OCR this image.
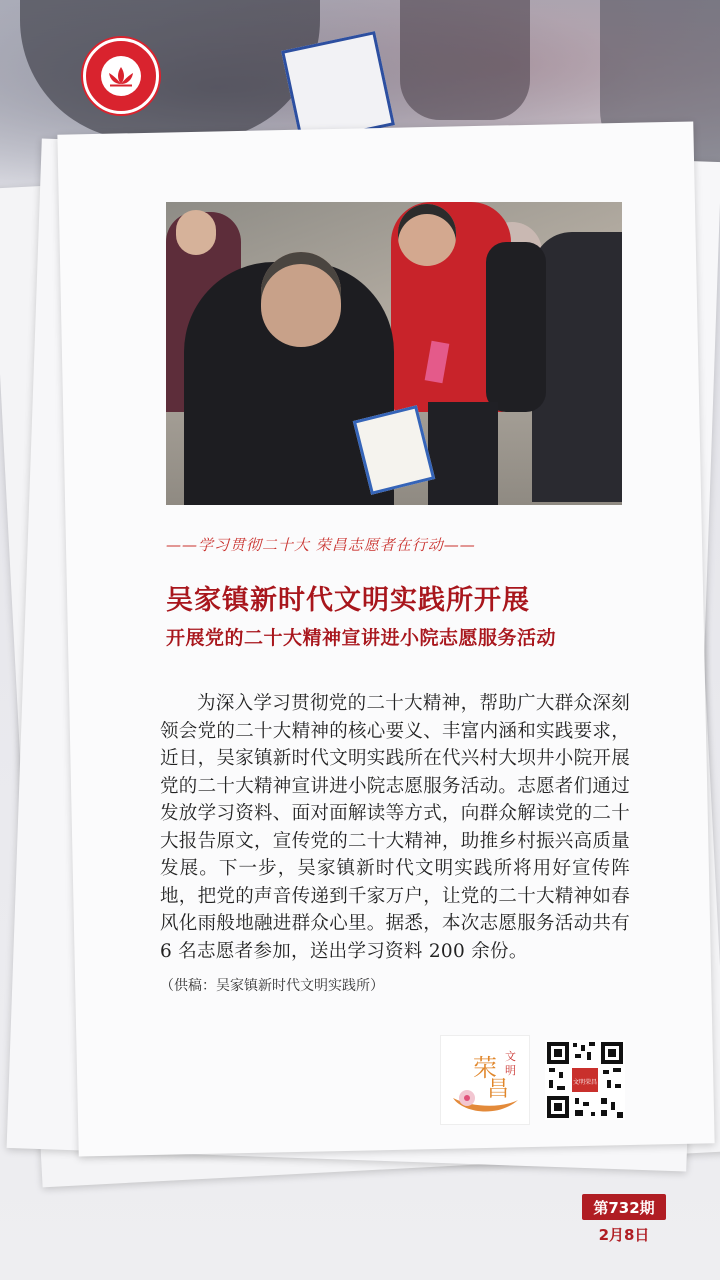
——学习贯彻二十大 荣昌志愿者在行动——
吴家镇新时代文明实践所开展
开展党的二十大精神宣讲进小院志愿服务活动
为深入学习贯彻党的二十大精神，帮助广大群众深刻领会党的二十大精神的核心要义、丰富内涵和实践要求，近日，吴家镇新时代文明实践所在代兴村大坝井小院开展党的二十大精神宣讲进小院志愿服务活动。志愿者们通过发放学习资料、面对面解读等方式，向群众解读党的二十大报告原文，宣传党的二十大精神，助推乡村振兴高质量发展。下一步，吴家镇新时代文明实践所将用好宣传阵地，把党的声音传递到千家万户，让党的二十大精神如春风化雨般地融进群众心里。据悉，本次志愿服务活动共有 6 名志愿者参加，送出学习资料 200 余份。
（供稿：吴家镇新时代文明实践所）
荣
昌
文
明
文明荣昌
第732期
2月8日
